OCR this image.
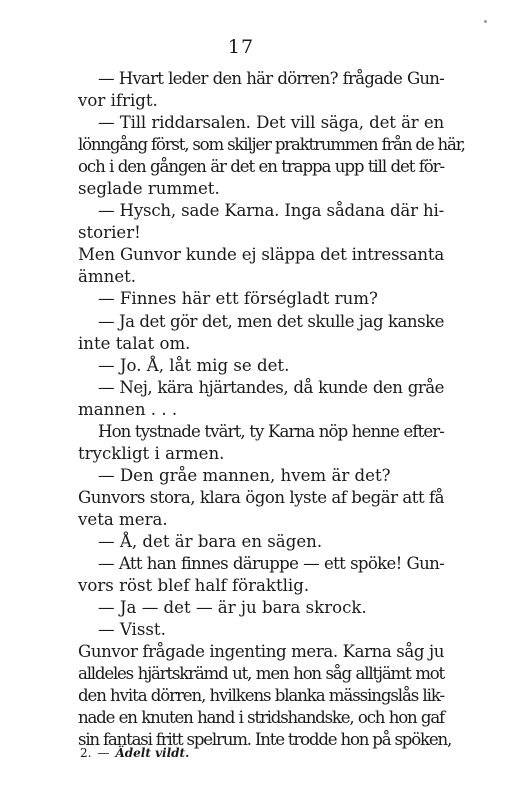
17
— Hvart leder den här dörren? frågade Gun-
vor ifrigt.
— Till riddarsalen. Det vill säga, det är en
lönngång först, som skiljer praktrummen från de här,
och i den gången är det en trappa upp till det för-
seglade rummet.
— Hysch, sade Karna. Inga sådana där hi-
storier!
Men Gunvor kunde ej släppa det intressanta
ämnet.
— Finnes här ett förségladt rum?
— Ja det gör det, men det skulle jag kanske
inte talat om.
— Jo. Å, låt mig se det.
— Nej, kära hjärtandes, då kunde den gråe
mannen . . .
Hon tystnade tvärt, ty Karna nöp henne efter-
tryckligt i armen.
— Den gråe mannen, hvem är det?
Gunvors stora, klara ögon lyste af begär att få
veta mera.
— Å, det är bara en sägen.
— Att han finnes däruppe — ett spöke! Gun-
vors röst blef half föraktlig.
— Ja — det — är ju bara skrock.
— Visst.
Gunvor frågade ingenting mera. Karna såg ju
alldeles hjärtskrämd ut, men hon såg alltjämt mot
den hvita dörren, hvilkens blanka mässingslås lik-
nade en knuten hand i stridshandske, och hon gaf
sin fantasi fritt spelrum. Inte trodde hon på spöken,
2. — Ädelt vildt.
